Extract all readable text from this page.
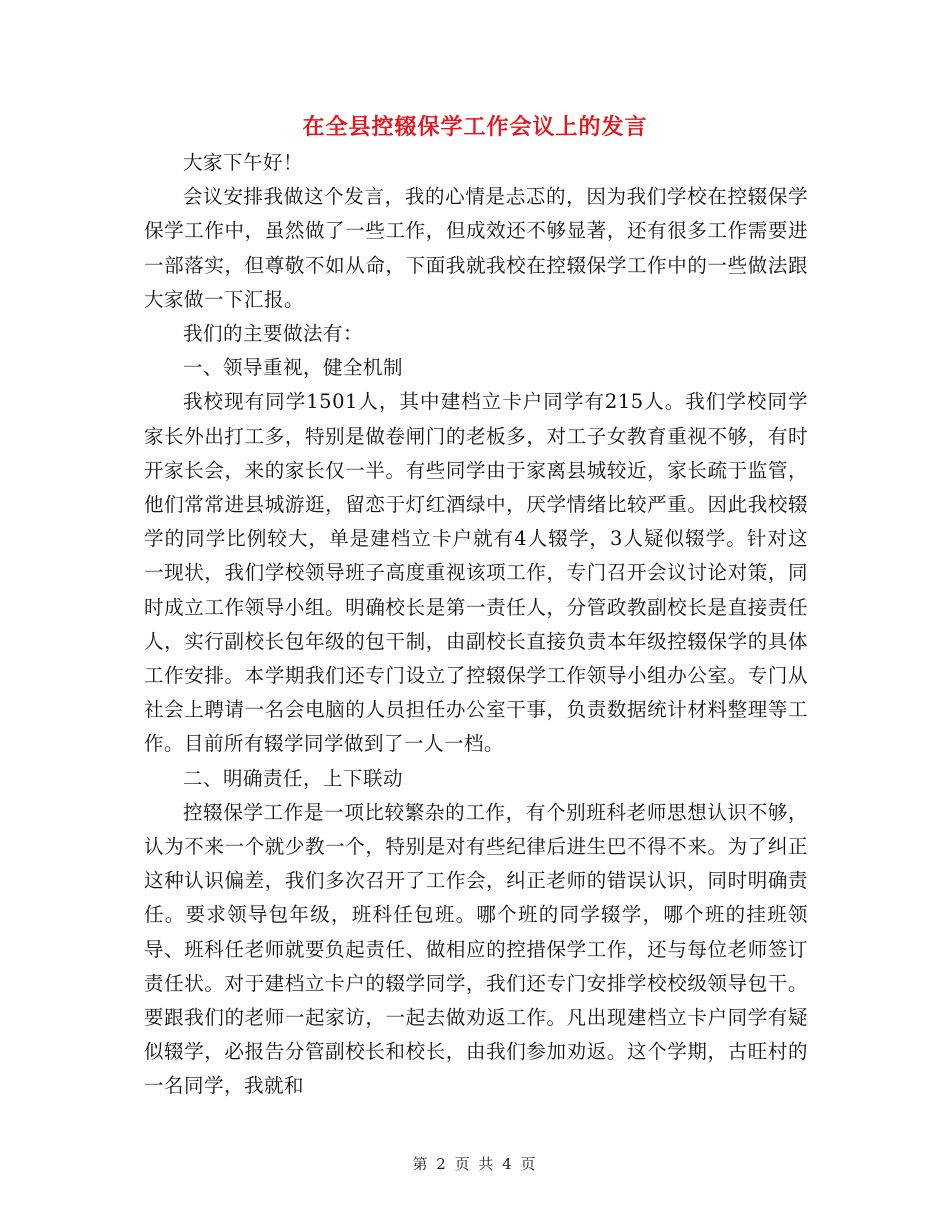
在全县控辍保学工作会议上的发言

大家下午好！

会议安排我做这个发言，我的心情是忐忑的，因为我们学校在控辍保学保学工作中，虽然做了一些工作，但成效还不够显著，还有很多工作需要进一部落实，但尊敬不如从命，下面我就我校在控辍保学工作中的一些做法跟大家做一下汇报。

我们的主要做法有：

一、领导重视，健全机制

我校现有同学1501人，其中建档立卡户同学有215人。我们学校同学家长外出打工多，特别是做卷闸门的老板多，对工子女教育重视不够，有时开家长会，来的家长仅一半。有些同学由于家离县城较近，家长疏于监管，他们常常进县城游逛，留恋于灯红酒绿中，厌学情绪比较严重。因此我校辍学的同学比例较大，单是建档立卡户就有4人辍学，3人疑似辍学。针对这一现状，我们学校领导班子高度重视该项工作，专门召开会议讨论对策，同时成立工作领导小组。明确校长是第一责任人，分管政教副校长是直接责任人，实行副校长包年级的包干制，由副校长直接负责本年级控辍保学的具体工作安排。本学期我们还专门设立了控辍保学工作领导小组办公室。专门从社会上聘请一名会电脑的人员担任办公室干事，负责数据统计材料整理等工作。目前所有辍学同学做到了一人一档。

二、明确责任，上下联动

控辍保学工作是一项比较繁杂的工作，有个别班科老师思想认识不够，认为不来一个就少教一个，特别是对有些纪律后进生巴不得不来。为了纠正这种认识偏差，我们多次召开了工作会，纠正老师的错误认识，同时明确责任。要求领导包年级，班科任包班。哪个班的同学辍学，哪个班的挂班领导、班科任老师就要负起责任、做相应的控措保学工作，还与每位老师签订责任状。对于建档立卡户的辍学同学，我们还专门安排学校校级领导包干。要跟我们的老师一起家访，一起去做劝返工作。凡出现建档立卡户同学有疑似辍学，必报告分管副校长和校长，由我们参加劝返。这个学期，古旺村的一名同学，我就和

第 2 页 共 4 页
